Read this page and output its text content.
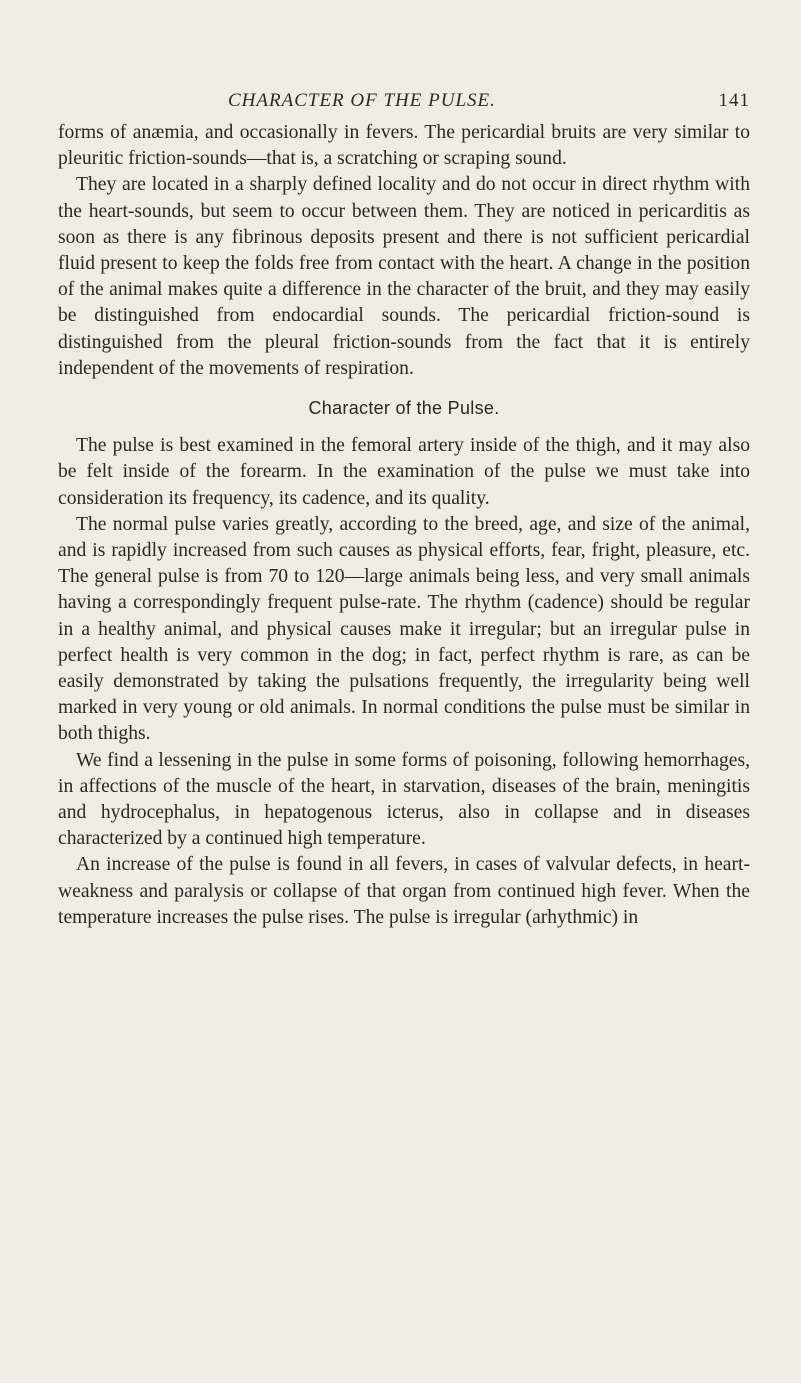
CHARACTER OF THE PULSE.	141

forms of anæmia, and occasionally in fevers. The pericardial bruits are very similar to pleuritic friction-sounds—that is, a scratching or scraping sound.

They are located in a sharply defined locality and do not occur in direct rhythm with the heart-sounds, but seem to occur between them. They are noticed in pericarditis as soon as there is any fibrinous deposits present and there is not sufficient pericardial fluid present to keep the folds free from contact with the heart. A change in the position of the animal makes quite a difference in the character of the bruit, and they may easily be distinguished from endocardial sounds. The pericardial friction-sound is distinguished from the pleural friction-sounds from the fact that it is entirely independent of the movements of respiration.

Character of the Pulse.

The pulse is best examined in the femoral artery inside of the thigh, and it may also be felt inside of the forearm. In the examination of the pulse we must take into consideration its frequency, its cadence, and its quality.

The normal pulse varies greatly, according to the breed, age, and size of the animal, and is rapidly increased from such causes as physical efforts, fear, fright, pleasure, etc. The general pulse is from 70 to 120—large animals being less, and very small animals having a correspondingly frequent pulse-rate. The rhythm (cadence) should be regular in a healthy animal, and physical causes make it irregular; but an irregular pulse in perfect health is very common in the dog; in fact, perfect rhythm is rare, as can be easily demonstrated by taking the pulsations frequently, the irregularity being well marked in very young or old animals. In normal conditions the pulse must be similar in both thighs.

We find a lessening in the pulse in some forms of poisoning, following hemorrhages, in affections of the muscle of the heart, in starvation, diseases of the brain, meningitis and hydrocephalus, in hepatogenous icterus, also in collapse and in diseases characterized by a continued high temperature.

An increase of the pulse is found in all fevers, in cases of valvular defects, in heart-weakness and paralysis or collapse of that organ from continued high fever. When the temperature increases the pulse rises. The pulse is irregular (arhythmic) in
